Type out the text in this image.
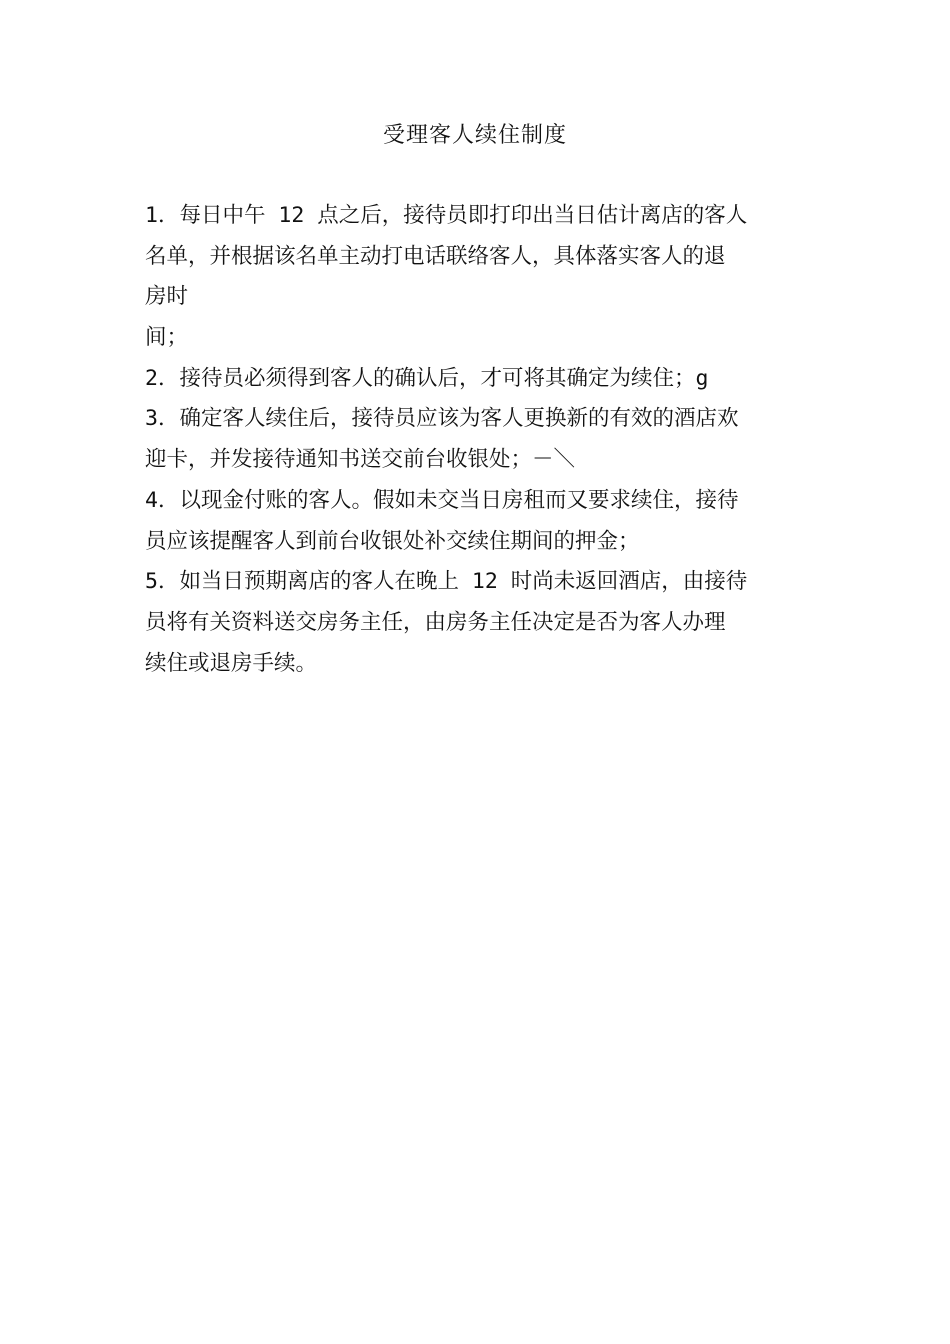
受理客人续住制度
1．每日中午 12 点之后，接待员即打印出当日估计离店的客人
名单，并根据该名单主动打电话联络客人，具体落实客人的退
房时
间；
2．接待员必须得到客人的确认后，才可将其确定为续住；g
3．确定客人续住后，接待员应该为客人更换新的有效的酒店欢
迎卡，并发接待通知书送交前台收银处；－＼
4．以现金付账的客人。假如未交当日房租而又要求续住，接待
员应该提醒客人到前台收银处补交续住期间的押金；
5．如当日预期离店的客人在晚上 12 时尚未返回酒店，由接待
员将有关资料送交房务主任，由房务主任决定是否为客人办理
续住或退房手续。
